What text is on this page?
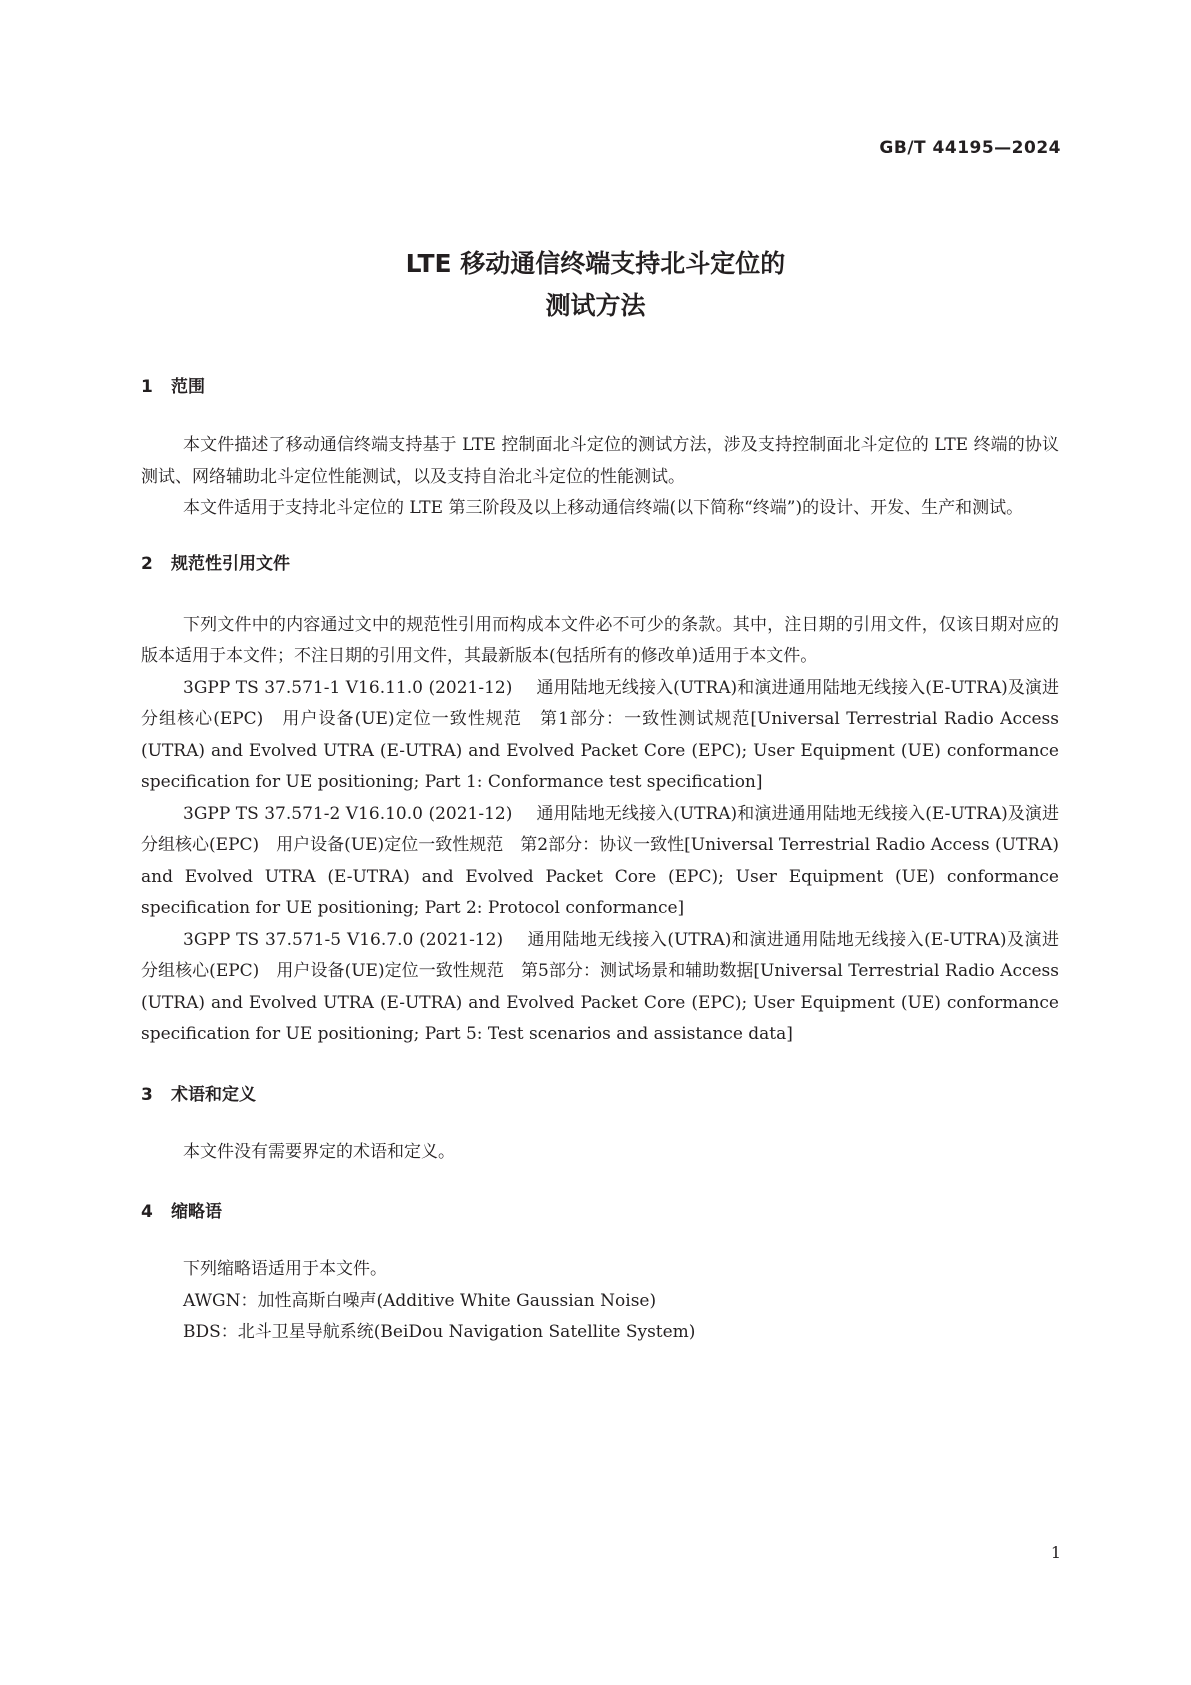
GB/T 44195—2024
LTE 移动通信终端支持北斗定位的
测试方法
1 范围

本文件描述了移动通信终端支持基于 LTE 控制面北斗定位的测试方法，涉及支持控制面北斗定位的 LTE 终端的协议测试、网络辅助北斗定位性能测试，以及支持自治北斗定位的性能测试。

本文件适用于支持北斗定位的 LTE 第三阶段及以上移动通信终端(以下简称“终端”)的设计、开发、生产和测试。

2 规范性引用文件

下列文件中的内容通过文中的规范性引用而构成本文件必不可少的条款。其中，注日期的引用文件，仅该日期对应的版本适用于本文件；不注日期的引用文件，其最新版本(包括所有的修改单)适用于本文件。

3GPP TS 37.571-1 V16.11.0 (2021-12) 通用陆地无线接入(UTRA)和演进通用陆地无线接入(E-UTRA)及演进分组核心(EPC)　用户设备(UE)定位一致性规范　第1部分：一致性测试规范[Universal Terrestrial Radio Access (UTRA) and Evolved UTRA (E-UTRA) and Evolved Packet Core (EPC); User Equipment (UE) conformance specification for UE positioning; Part 1: Conformance test specification]

3GPP TS 37.571-2 V16.10.0 (2021-12) 通用陆地无线接入(UTRA)和演进通用陆地无线接入(E-UTRA)及演进分组核心(EPC)　用户设备(UE)定位一致性规范　第2部分：协议一致性[Universal Terrestrial Radio Access (UTRA) and Evolved UTRA (E-UTRA) and Evolved Packet Core (EPC); User Equipment (UE) conformance specification for UE positioning; Part 2: Protocol conformance]

3GPP TS 37.571-5 V16.7.0 (2021-12) 通用陆地无线接入(UTRA)和演进通用陆地无线接入(E-UTRA)及演进分组核心(EPC)　用户设备(UE)定位一致性规范　第5部分：测试场景和辅助数据[Universal Terrestrial Radio Access (UTRA) and Evolved UTRA (E-UTRA) and Evolved Packet Core (EPC); User Equipment (UE) conformance specification for UE positioning; Part 5: Test scenarios and assistance data]

3 术语和定义

本文件没有需要界定的术语和定义。

4 缩略语

下列缩略语适用于本文件。

AWGN：加性高斯白噪声(Additive White Gaussian Noise)

BDS：北斗卫星导航系统(BeiDou Navigation Satellite System)

1
